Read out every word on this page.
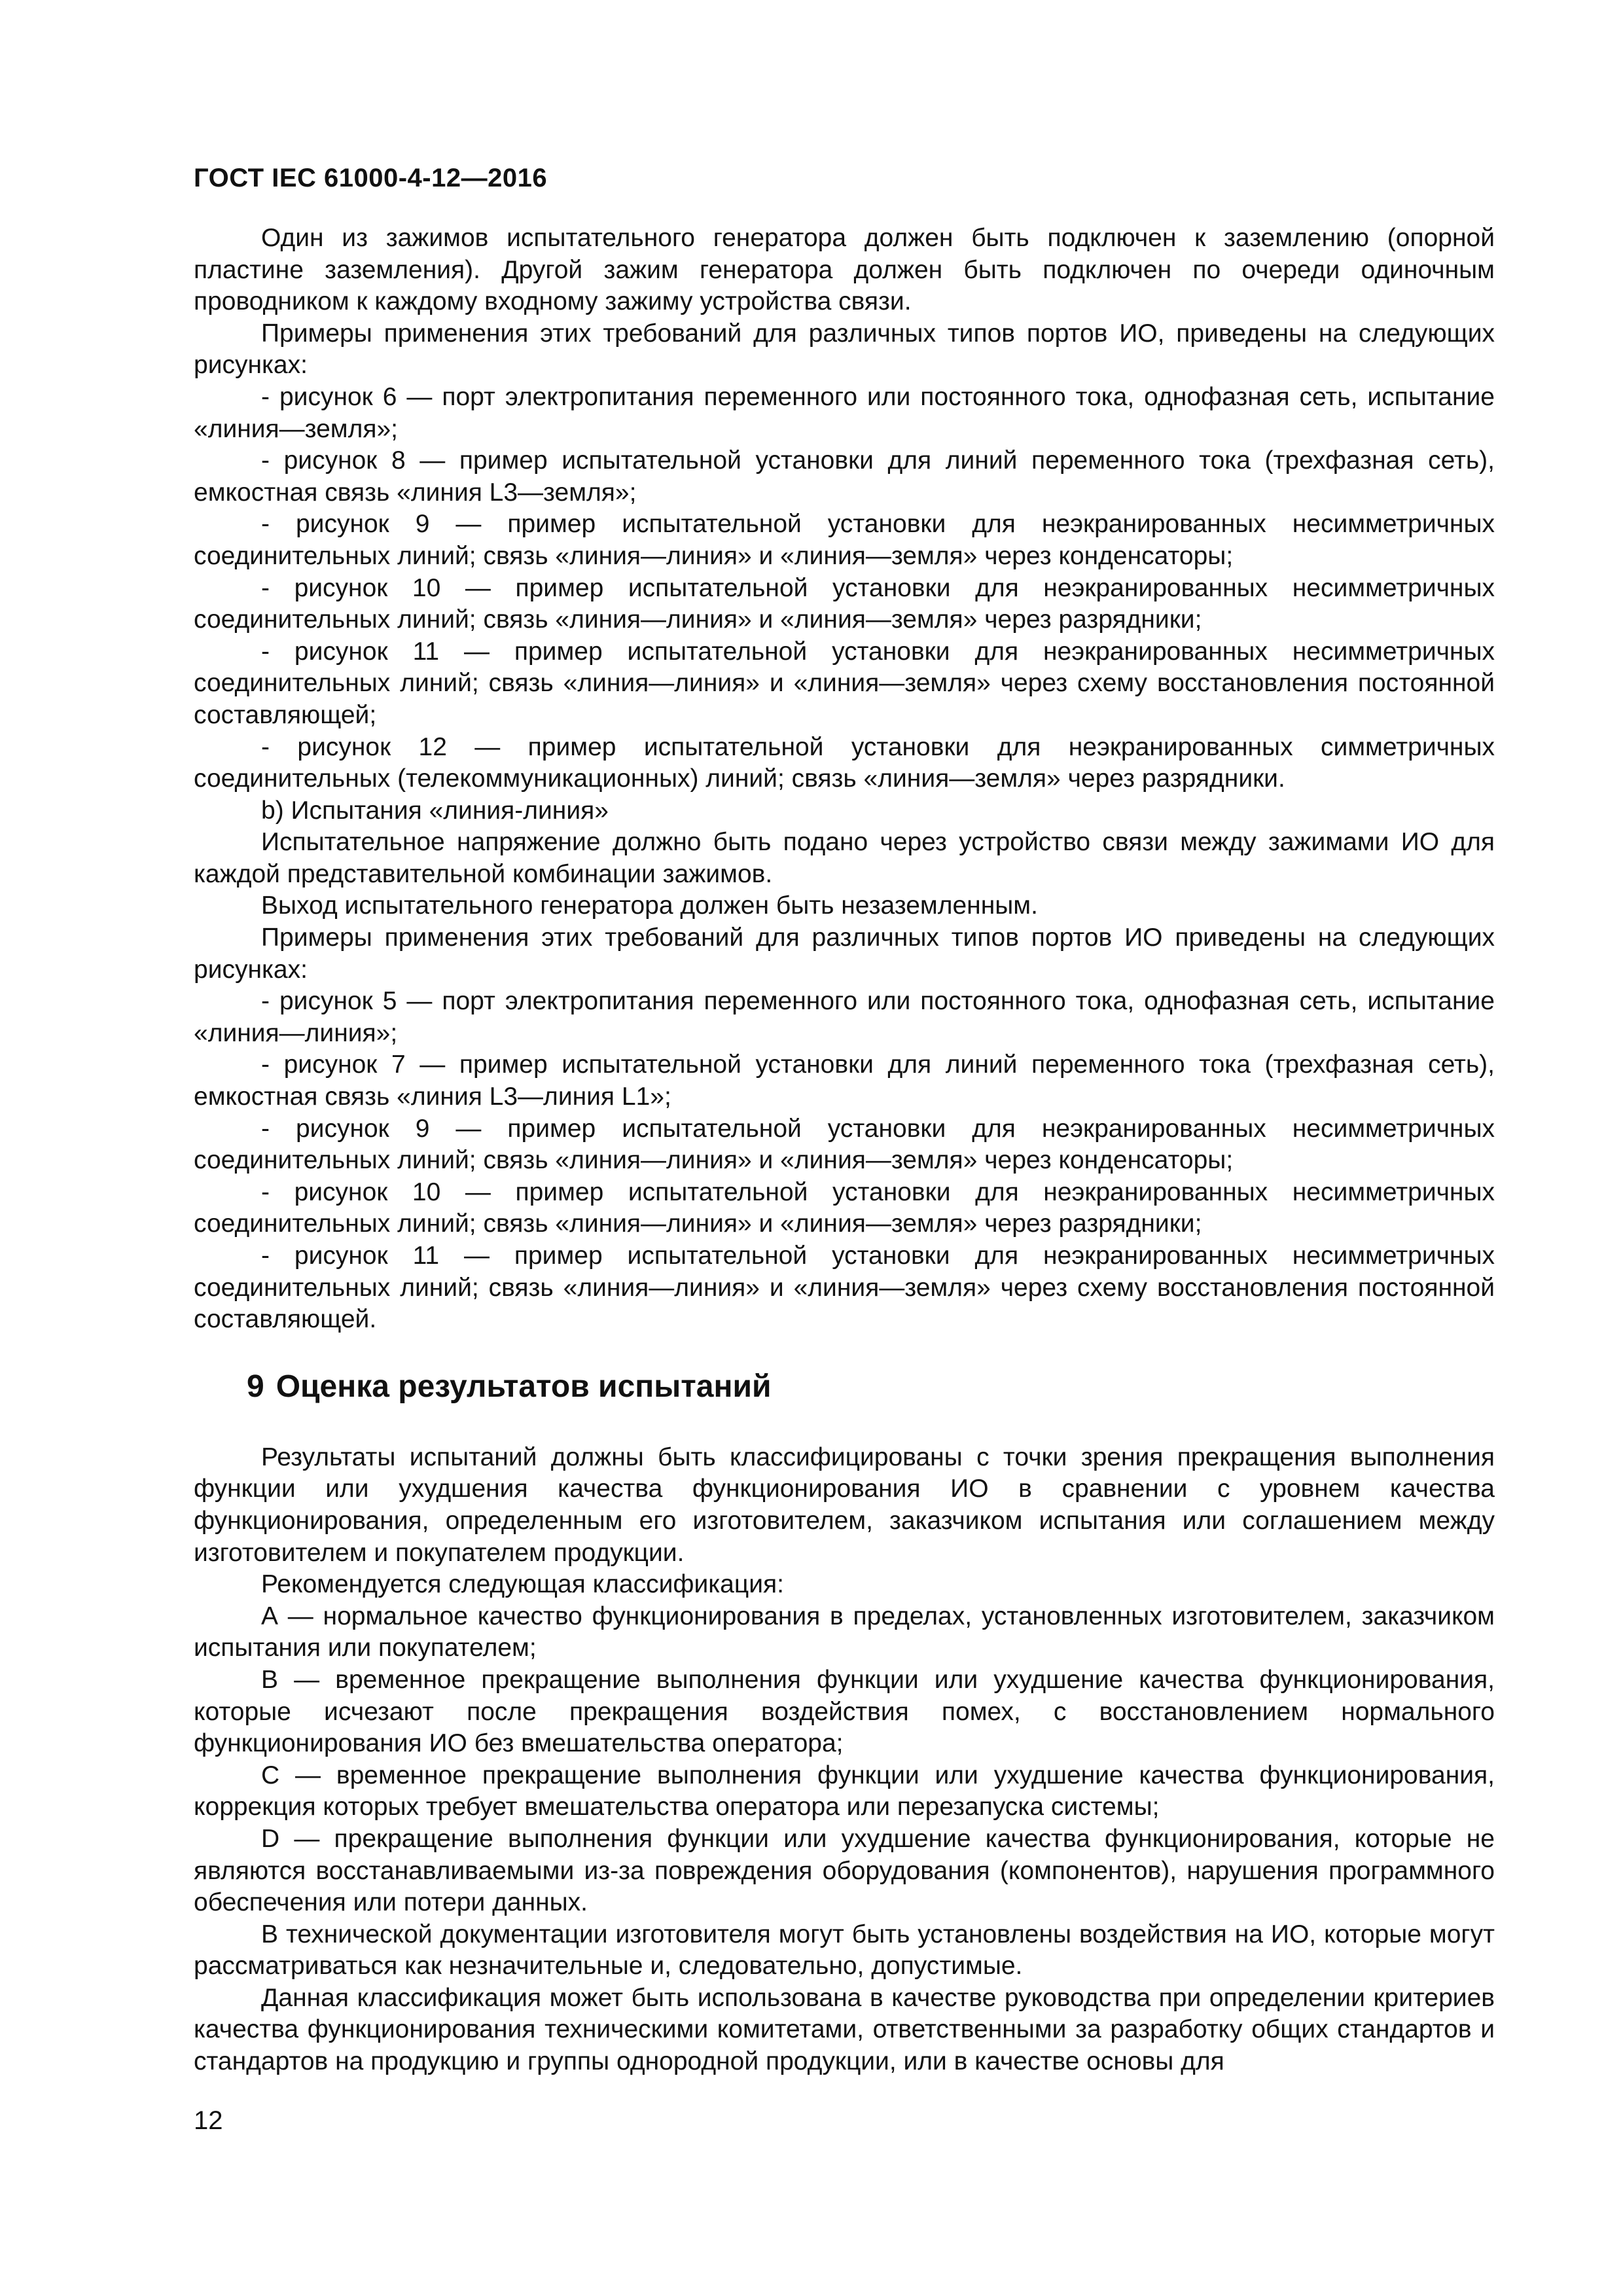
ГОСТ IEC 61000-4-12—2016

Один из зажимов испытательного генератора должен быть подключен к заземлению (опорной пластине заземления). Другой зажим генератора должен быть подключен по очереди одиночным проводником к каждому входному зажиму устройства связи.

Примеры применения этих требований для различных типов портов ИО, приведены на следующих рисунках:

- рисунок 6 — порт электропитания переменного или постоянного тока, однофазная сеть, испытание «линия—земля»;

- рисунок 8 — пример испытательной установки для линий переменного тока (трехфазная сеть), емкостная связь «линия L3—земля»;

- рисунок 9 — пример испытательной установки для неэкранированных несимметричных соединительных линий; связь «линия—линия» и «линия—земля» через конденсаторы;

- рисунок 10 — пример испытательной установки для неэкранированных несимметричных соединительных линий; связь «линия—линия» и «линия—земля» через разрядники;

- рисунок 11 — пример испытательной установки для неэкранированных несимметричных соединительных линий; связь «линия—линия» и «линия—земля» через схему восстановления постоянной составляющей;

- рисунок 12 — пример испытательной установки для неэкранированных симметричных соединительных (телекоммуникационных) линий; связь «линия—земля» через разрядники.

b) Испытания «линия-линия»

Испытательное напряжение должно быть подано через устройство связи между зажимами ИО для каждой представительной комбинации зажимов.

Выход испытательного генератора должен быть незаземленным.

Примеры применения этих требований для различных типов портов ИО приведены на следующих рисунках:

- рисунок 5 — порт электропитания переменного или постоянного тока, однофазная сеть, испытание «линия—линия»;

- рисунок 7 — пример испытательной установки для линий переменного тока (трехфазная сеть), емкостная связь «линия L3—линия L1»;

- рисунок 9 — пример испытательной установки для неэкранированных несимметричных соединительных линий; связь «линия—линия» и «линия—земля» через конденсаторы;

- рисунок 10 — пример испытательной установки для неэкранированных несимметричных соединительных линий; связь «линия—линия» и «линия—земля» через разрядники;

- рисунок 11 — пример испытательной установки для неэкранированных несимметричных соединительных линий; связь «линия—линия» и «линия—земля» через схему восстановления постоянной составляющей.

9 Оценка результатов испытаний

Результаты испытаний должны быть классифицированы с точки зрения прекращения выполнения функции или ухудшения качества функционирования ИО в сравнении с уровнем качества функционирования, определенным его изготовителем, заказчиком испытания или соглашением между изготовителем и покупателем продукции.

Рекомендуется следующая классификация:

А — нормальное качество функционирования в пределах, установленных изготовителем, заказчиком испытания или покупателем;

В — временное прекращение выполнения функции или ухудшение качества функционирования, которые исчезают после прекращения воздействия помех, с восстановлением нормального функционирования ИО без вмешательства оператора;

С — временное прекращение выполнения функции или ухудшение качества функционирования, коррекция которых требует вмешательства оператора или перезапуска системы;

D — прекращение выполнения функции или ухудшение качества функционирования, которые не являются восстанавливаемыми из-за повреждения оборудования (компонентов), нарушения программного обеспечения или потери данных.

В технической документации изготовителя могут быть установлены воздействия на ИО, которые могут рассматриваться как незначительные и, следовательно, допустимые.

Данная классификация может быть использована в качестве руководства при определении критериев качества функционирования техническими комитетами, ответственными за разработку общих стандартов и стандартов на продукцию и группы однородной продукции, или в качестве основы для

12
